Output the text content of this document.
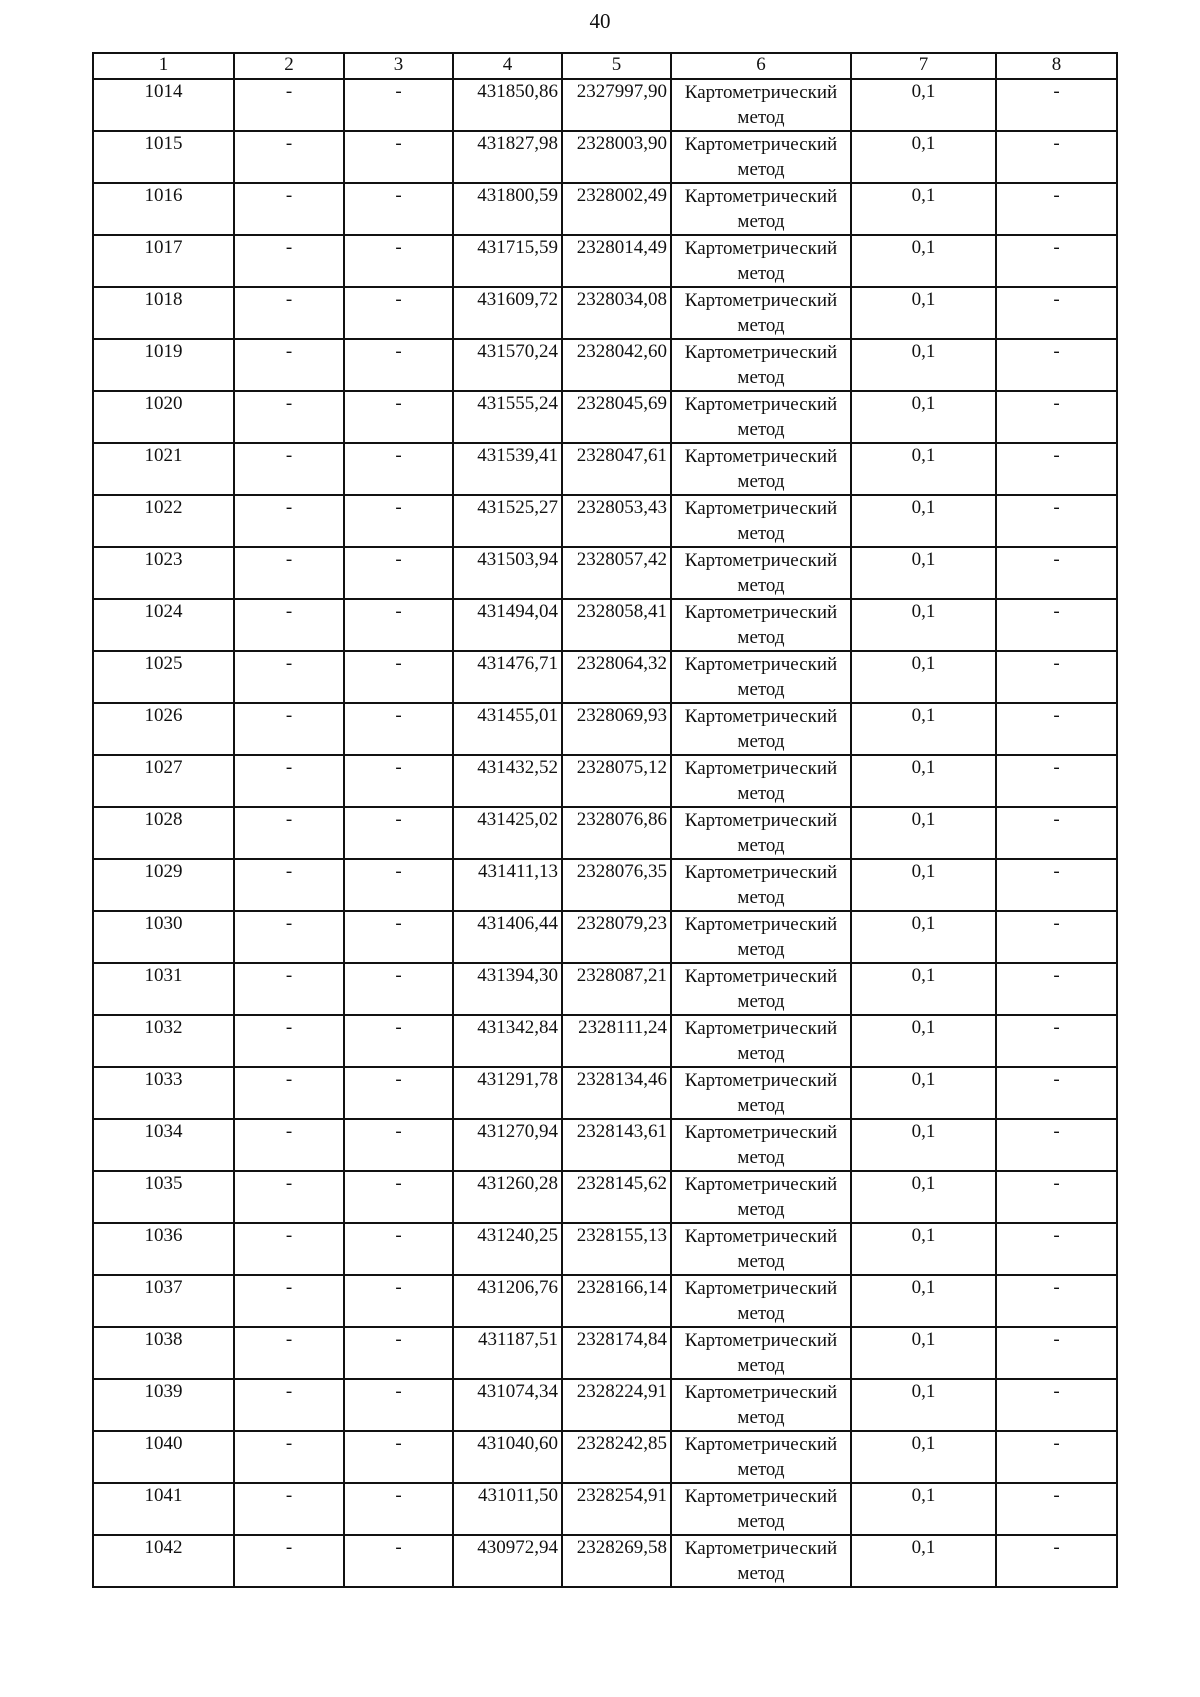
40
1	2	3	4	5	6	7	8
1014	-	-	431850,86	2327997,90	Картометрический метод	0,1	-
1015	-	-	431827,98	2328003,90	Картометрический метод	0,1	-
1016	-	-	431800,59	2328002,49	Картометрический метод	0,1	-
1017	-	-	431715,59	2328014,49	Картометрический метод	0,1	-
1018	-	-	431609,72	2328034,08	Картометрический метод	0,1	-
1019	-	-	431570,24	2328042,60	Картометрический метод	0,1	-
1020	-	-	431555,24	2328045,69	Картометрический метод	0,1	-
1021	-	-	431539,41	2328047,61	Картометрический метод	0,1	-
1022	-	-	431525,27	2328053,43	Картометрический метод	0,1	-
1023	-	-	431503,94	2328057,42	Картометрический метод	0,1	-
1024	-	-	431494,04	2328058,41	Картометрический метод	0,1	-
1025	-	-	431476,71	2328064,32	Картометрический метод	0,1	-
1026	-	-	431455,01	2328069,93	Картометрический метод	0,1	-
1027	-	-	431432,52	2328075,12	Картометрический метод	0,1	-
1028	-	-	431425,02	2328076,86	Картометрический метод	0,1	-
1029	-	-	431411,13	2328076,35	Картометрический метод	0,1	-
1030	-	-	431406,44	2328079,23	Картометрический метод	0,1	-
1031	-	-	431394,30	2328087,21	Картометрический метод	0,1	-
1032	-	-	431342,84	2328111,24	Картометрический метод	0,1	-
1033	-	-	431291,78	2328134,46	Картометрический метод	0,1	-
1034	-	-	431270,94	2328143,61	Картометрический метод	0,1	-
1035	-	-	431260,28	2328145,62	Картометрический метод	0,1	-
1036	-	-	431240,25	2328155,13	Картометрический метод	0,1	-
1037	-	-	431206,76	2328166,14	Картометрический метод	0,1	-
1038	-	-	431187,51	2328174,84	Картометрический метод	0,1	-
1039	-	-	431074,34	2328224,91	Картометрический метод	0,1	-
1040	-	-	431040,60	2328242,85	Картометрический метод	0,1	-
1041	-	-	431011,50	2328254,91	Картометрический метод	0,1	-
1042	-	-	430972,94	2328269,58	Картометрический метод	0,1	-
